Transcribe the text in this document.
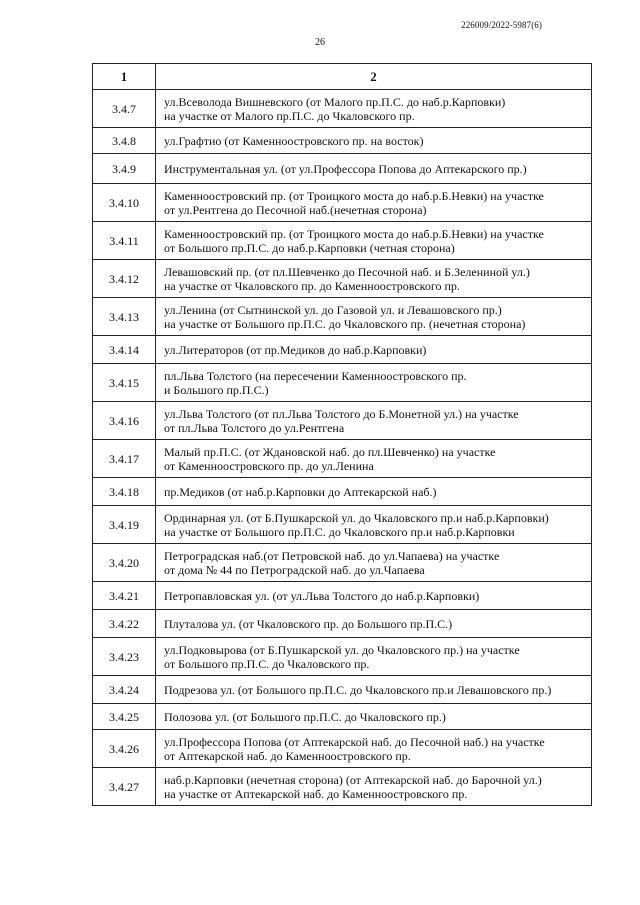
226009/2022-5987(6)
26
1	2
3.4.7	ул.Всеволода Вишневского (от Малого пр.П.С. до наб.р.Карповки)
на участке от Малого пр.П.С. до Чкаловского пр.
3.4.8	ул.Графтио (от Каменноостровского пр. на восток)
3.4.9	Инструментальная ул. (от ул.Профессора Попова до Аптекарского пр.)
3.4.10	Каменноостровский пр. (от Троицкого моста до наб.р.Б.Невки) на участке
от ул.Рентгена до Песочной наб.(нечетная сторона)
3.4.11	Каменноостровский пр. (от Троицкого моста до наб.р.Б.Невки) на участке
от Большого пр.П.С. до наб.р.Карповки (четная сторона)
3.4.12	Левашовский пр. (от пл.Шевченко до Песочной наб. и Б.Зелениной ул.)
на участке от Чкаловского пр. до Каменноостровского пр.
3.4.13	ул.Ленина (от Сытнинской ул. до Газовой ул. и Левашовского пр.)
на участке от Большого пр.П.С. до Чкаловского пр. (нечетная сторона)
3.4.14	ул.Литераторов (от пр.Медиков до наб.р.Карповки)
3.4.15	пл.Льва Толстого (на пересечении Каменноостровского пр.
и Большого пр.П.С.)
3.4.16	ул.Льва Толстого (от пл.Льва Толстого до Б.Монетной ул.) на участке
от пл.Льва Толстого до ул.Рентгена
3.4.17	Малый пр.П.С. (от Ждановской наб. до пл.Шевченко) на участке
от Каменноостровского пр. до ул.Ленина
3.4.18	пр.Медиков (от наб.р.Карповки до Аптекарской наб.)
3.4.19	Ординарная ул. (от Б.Пушкарской ул. до Чкаловского пр.и наб.р.Карповки)
на участке от Большого пр.П.С. до Чкаловского пр.и наб.р.Карповки
3.4.20	Петроградская наб.(от Петровской наб. до ул.Чапаева) на участке
от дома № 44 по Петроградской наб. до ул.Чапаева
3.4.21	Петропавловская ул. (от ул.Льва Толстого до наб.р.Карповки)
3.4.22	Плуталова ул. (от Чкаловского пр. до Большого пр.П.С.)
3.4.23	ул.Подковырова (от Б.Пушкарской ул. до Чкаловского пр.) на участке
от Большого пр.П.С. до Чкаловского пр.
3.4.24	Подрезова ул. (от Большого пр.П.С. до Чкаловского пр.и Левашовского пр.)
3.4.25	Полозова ул. (от Большого пр.П.С. до Чкаловского пр.)
3.4.26	ул.Профессора Попова (от Аптекарской наб. до Песочной наб.) на участке
от Аптекарской наб. до Каменноостровского пр.
3.4.27	наб.р.Карповки (нечетная сторона) (от Аптекарской наб. до Барочной ул.)
на участке от Аптекарской наб. до Каменноостровского пр.
